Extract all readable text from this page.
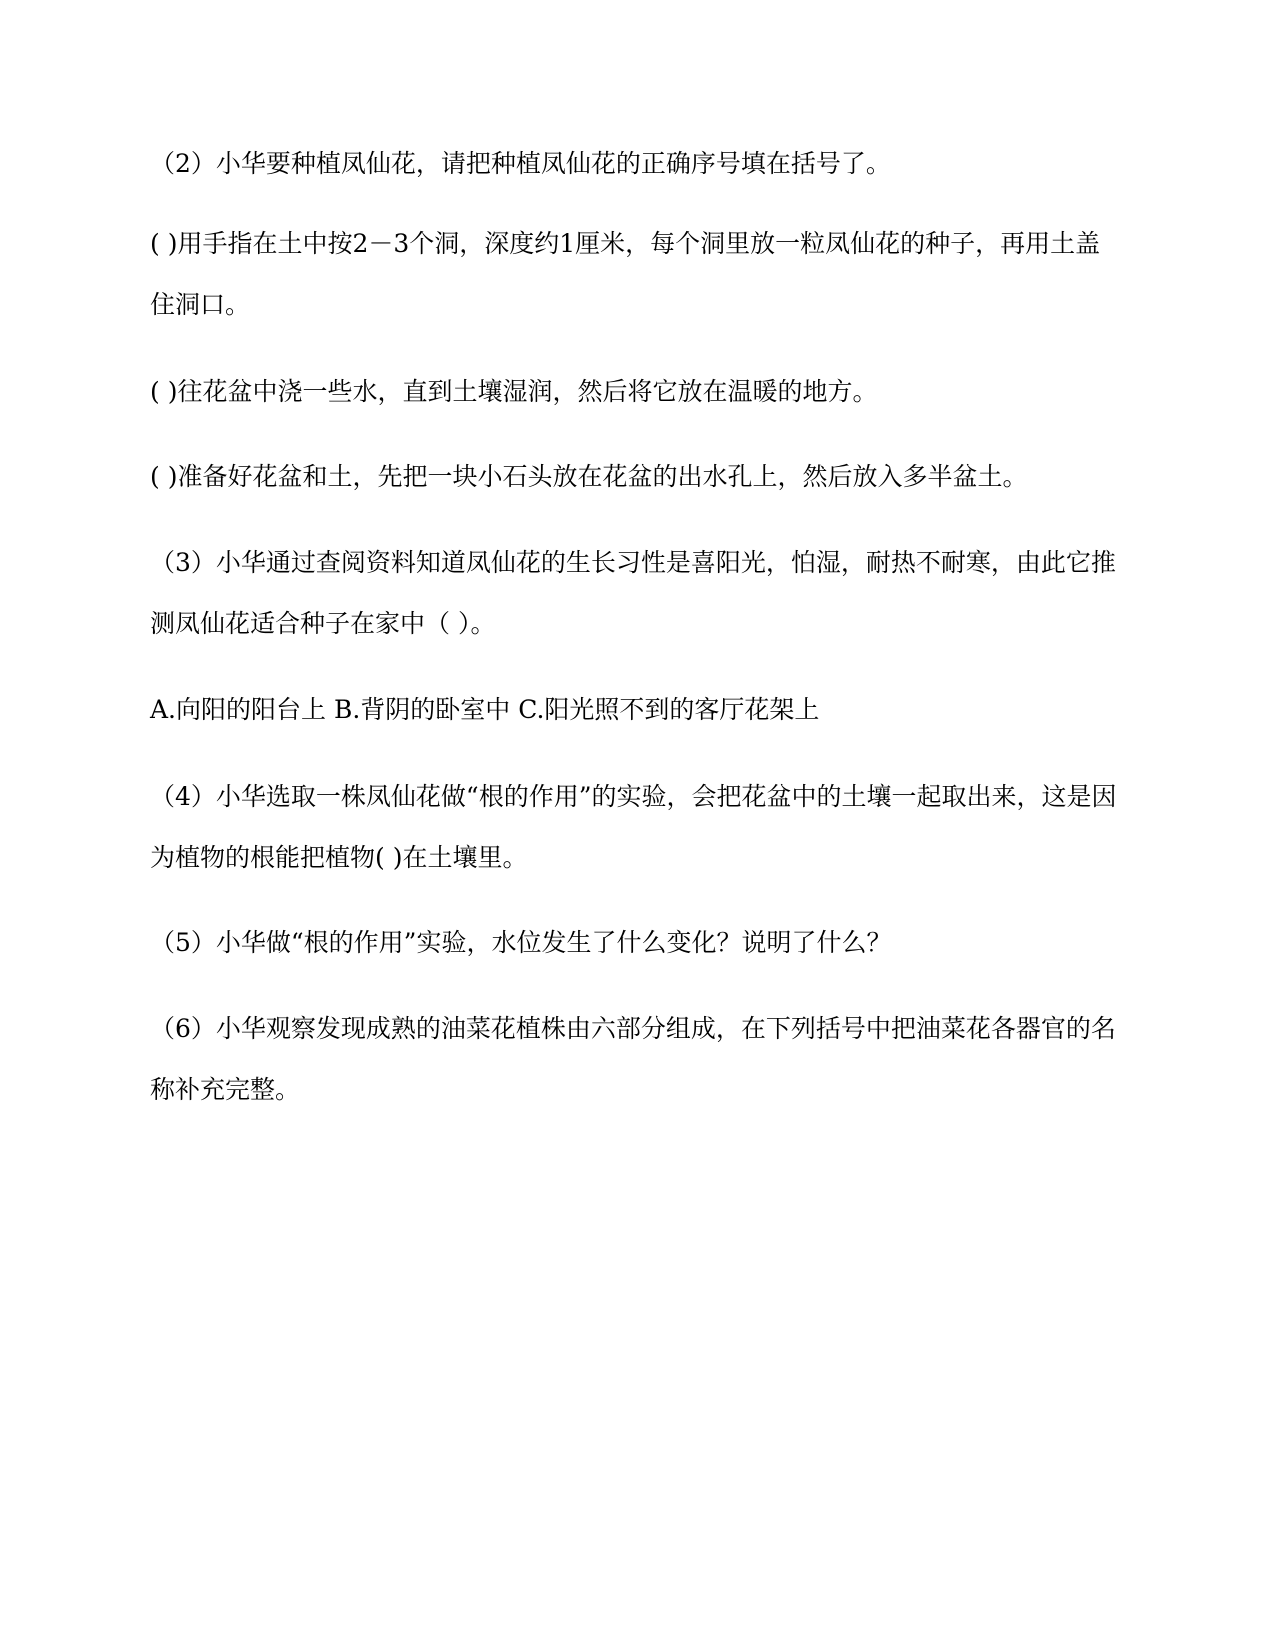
（2）小华要种植凤仙花，请把种植凤仙花的正确序号填在括号了。
( )用手指在土中按2－3个洞，深度约1厘米，每个洞里放一粒凤仙花的种子，再用土盖
住洞口。
( )往花盆中浇一些水，直到土壤湿润，然后将它放在温暖的地方。
( )准备好花盆和土，先把一块小石头放在花盆的出水孔上，然后放入多半盆土。
（3）小华通过查阅资料知道凤仙花的生长习性是喜阳光，怕湿，耐热不耐寒，由此它推
测凤仙花适合种子在家中（ ）。
A.向阳的阳台上 B.背阴的卧室中 C.阳光照不到的客厅花架上
（4）小华选取一株凤仙花做“根的作用”的实验，会把花盆中的土壤一起取出来，这是因
为植物的根能把植物( )在土壤里。
（5）小华做“根的作用”实验，水位发生了什么变化？说明了什么？
（6）小华观察发现成熟的油菜花植株由六部分组成，在下列括号中把油菜花各器官的名
称补充完整。
